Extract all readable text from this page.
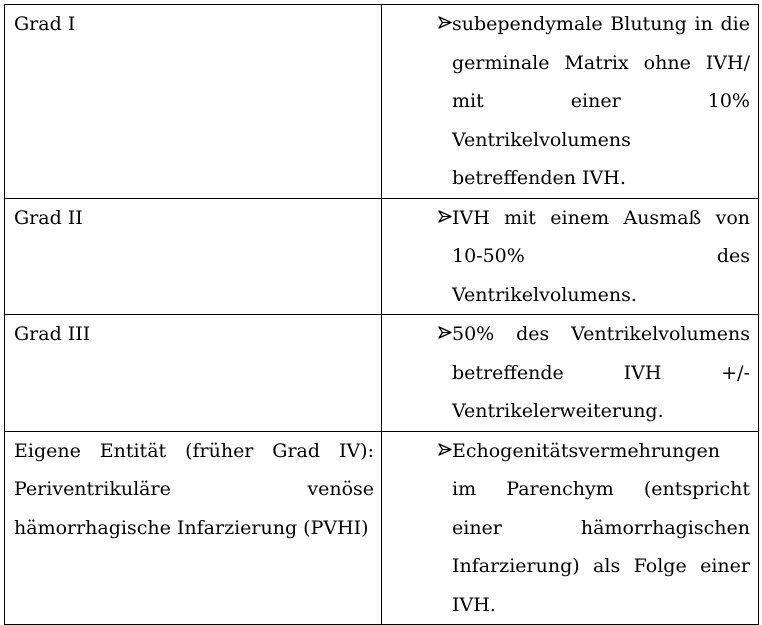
Grad I	subependymale Blutung in die germinale Matrix ohne IVH/ mit einer 10% Ventrikelvolumens betreffenden IVH.

Grad II	IVH mit einem Ausmaß von 10-50% des Ventrikelvolumens.

Grad III	50% des Ventrikelvolumens betreffende IVH +/- Ventrikelerweiterung.

Eigene Entität (früher Grad IV): Periventrikuläre venöse hämorrhagische Infarzierung (PVHI)	Echogenitätsvermehrungen im Parenchym (entspricht einer hämorrhagischen Infarzierung) als Folge einer IVH.
